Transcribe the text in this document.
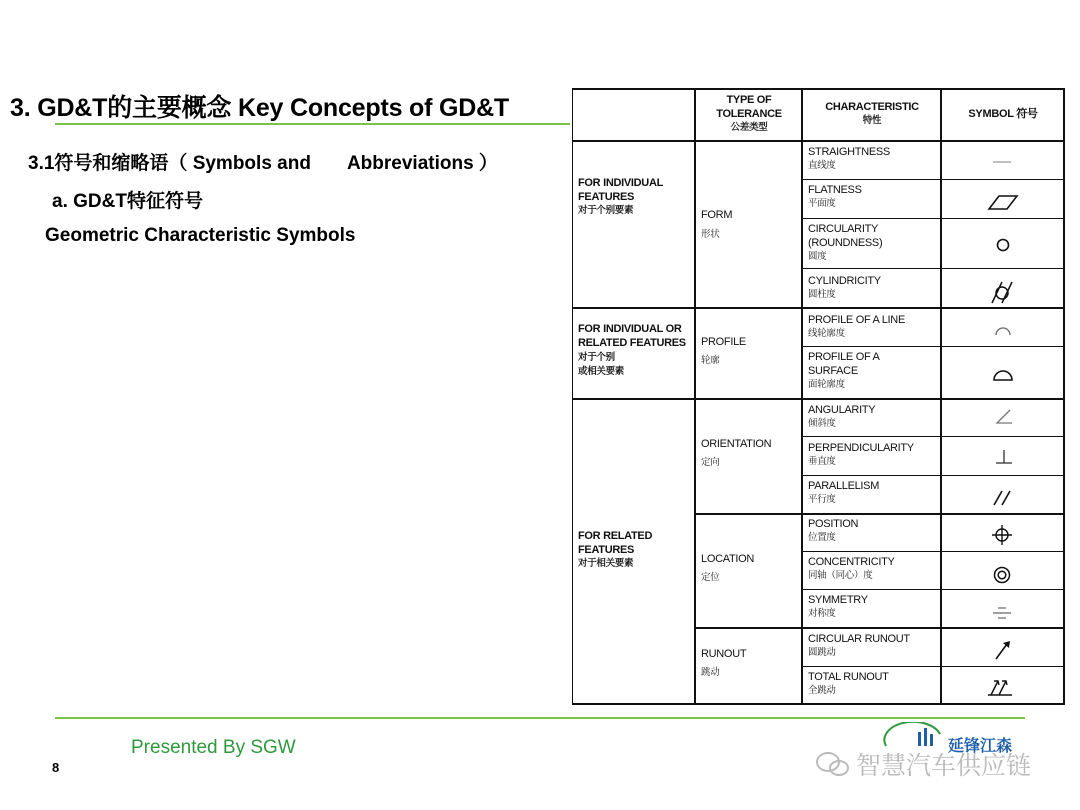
3. GD&T的主要概念 Key Concepts of GD&T
3.1符号和缩略语（ Symbols and Abbreviations ）
a. GD&T特征符号
Geometric Characteristic Symbols
TYPE OF TOLERANCE
公差类型
CHARACTERISTIC
特性
SYMBOL 符号
FOR INDIVIDUAL FEATURES
对于个别要素
FOR INDIVIDUAL OR RELATED FEATURES 对于个别
或相关要素
FOR RELATED FEATURES
对于相关要素
FORM
形状
PROFILE
轮廓
ORIENTATION
定向
LOCATION
定位
RUNOUT
跳动
STRAIGHTNESS
直线度
FLATNESS
平面度
CIRCULARITY (ROUNDNESS)
圆度
CYLINDRICITY
圆柱度
PROFILE OF A LINE
线轮廓度
PROFILE OF A SURFACE
面轮廓度
ANGULARITY
倾斜度
PERPENDICULARITY
垂直度
PARALLELISM
平行度
POSITION
位置度
CONCENTRICITY
同轴（同心）度
SYMMETRY
对称度
CIRCULAR RUNOUT
圆跳动
TOTAL RUNOUT
全跳动
Presented By SGW
8
延锋江森
智慧汽车供应链
